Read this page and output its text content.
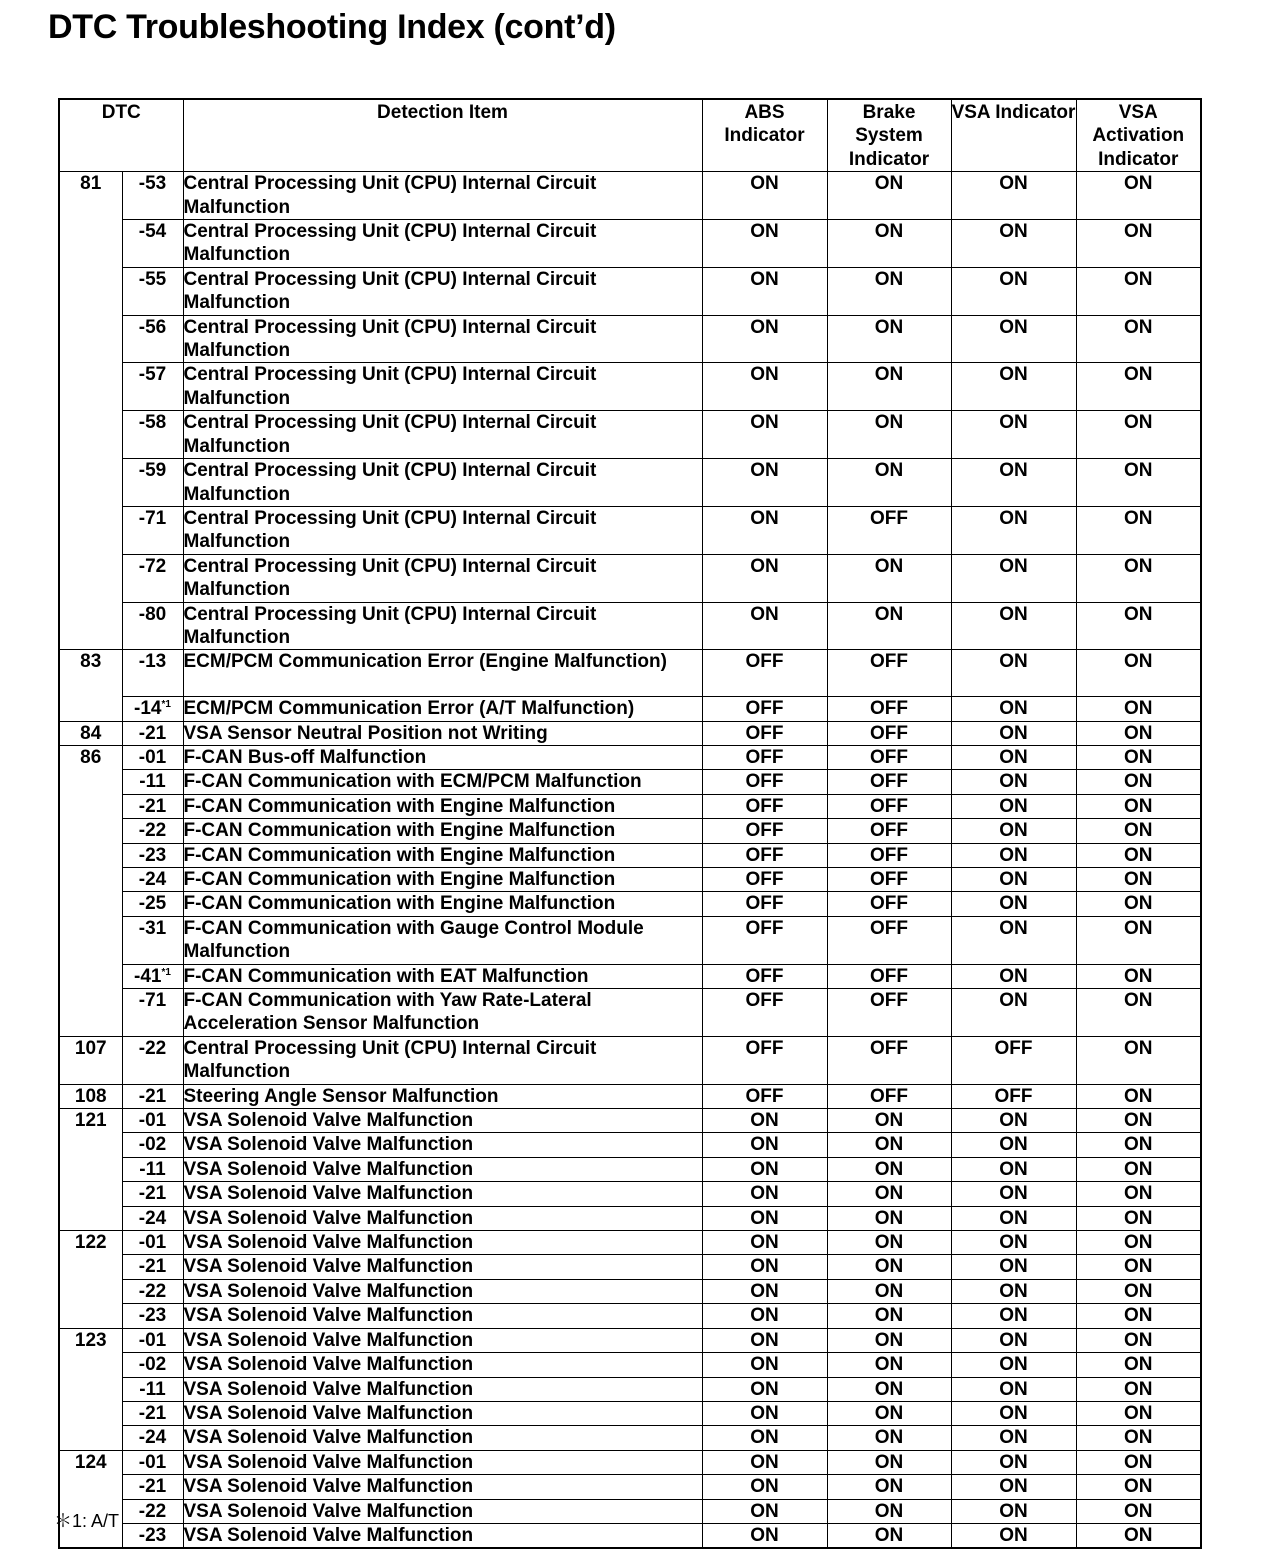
DTC Troubleshooting Index (cont’d)
DTC		Detection Item	ABS Indicator	Brake System Indicator	VSA Indicator	VSA Activation Indicator
81	-53	Central Processing Unit (CPU) Internal Circuit Malfunction	ON	ON	ON	ON
	-54	Central Processing Unit (CPU) Internal Circuit Malfunction	ON	ON	ON	ON
	-55	Central Processing Unit (CPU) Internal Circuit Malfunction	ON	ON	ON	ON
	-56	Central Processing Unit (CPU) Internal Circuit Malfunction	ON	ON	ON	ON
	-57	Central Processing Unit (CPU) Internal Circuit Malfunction	ON	ON	ON	ON
	-58	Central Processing Unit (CPU) Internal Circuit Malfunction	ON	ON	ON	ON
	-59	Central Processing Unit (CPU) Internal Circuit Malfunction	ON	ON	ON	ON
	-71	Central Processing Unit (CPU) Internal Circuit Malfunction	ON	OFF	ON	ON
	-72	Central Processing Unit (CPU) Internal Circuit Malfunction	ON	ON	ON	ON
	-80	Central Processing Unit (CPU) Internal Circuit Malfunction	ON	ON	ON	ON
83	-13	ECM/PCM Communication Error (Engine Malfunction)	OFF	OFF	ON	ON
	-14$^{*1}$	ECM/PCM Communication Error (A/T Malfunction)	OFF	OFF	ON	ON
84	-21	VSA Sensor Neutral Position not Writing	OFF	OFF	ON	ON
86	-01	F-CAN Bus-off Malfunction	OFF	OFF	ON	ON
	-11	F-CAN Communication with ECM/PCM Malfunction	OFF	OFF	ON	ON
	-21	F-CAN Communication with Engine Malfunction	OFF	OFF	ON	ON
	-22	F-CAN Communication with Engine Malfunction	OFF	OFF	ON	ON
	-23	F-CAN Communication with Engine Malfunction	OFF	OFF	ON	ON
	-24	F-CAN Communication with Engine Malfunction	OFF	OFF	ON	ON
	-25	F-CAN Communication with Engine Malfunction	OFF	OFF	ON	ON
	-31	F-CAN Communication with Gauge Control Module Malfunction	OFF	OFF	ON	ON
	-41$^{*1}$	F-CAN Communication with EAT Malfunction	OFF	OFF	ON	ON
	-71	F-CAN Communication with Yaw Rate-Lateral Acceleration Sensor Malfunction	OFF	OFF	ON	ON
107	-22	Central Processing Unit (CPU) Internal Circuit Malfunction	OFF	OFF	OFF	ON
108	-21	Steering Angle Sensor Malfunction	OFF	OFF	OFF	ON
121	-01	VSA Solenoid Valve Malfunction	ON	ON	ON	ON
	-02	VSA Solenoid Valve Malfunction	ON	ON	ON	ON
	-11	VSA Solenoid Valve Malfunction	ON	ON	ON	ON
	-21	VSA Solenoid Valve Malfunction	ON	ON	ON	ON
	-24	VSA Solenoid Valve Malfunction	ON	ON	ON	ON
122	-01	VSA Solenoid Valve Malfunction	ON	ON	ON	ON
	-21	VSA Solenoid Valve Malfunction	ON	ON	ON	ON
	-22	VSA Solenoid Valve Malfunction	ON	ON	ON	ON
	-23	VSA Solenoid Valve Malfunction	ON	ON	ON	ON
123	-01	VSA Solenoid Valve Malfunction	ON	ON	ON	ON
	-02	VSA Solenoid Valve Malfunction	ON	ON	ON	ON
	-11	VSA Solenoid Valve Malfunction	ON	ON	ON	ON
	-21	VSA Solenoid Valve Malfunction	ON	ON	ON	ON
	-24	VSA Solenoid Valve Malfunction	ON	ON	ON	ON
124	-01	VSA Solenoid Valve Malfunction	ON	ON	ON	ON
	-21	VSA Solenoid Valve Malfunction	ON	ON	ON	ON
	-22	VSA Solenoid Valve Malfunction	ON	ON	ON	ON
	-23	VSA Solenoid Valve Malfunction	ON	ON	ON	ON
＊1: A/T
